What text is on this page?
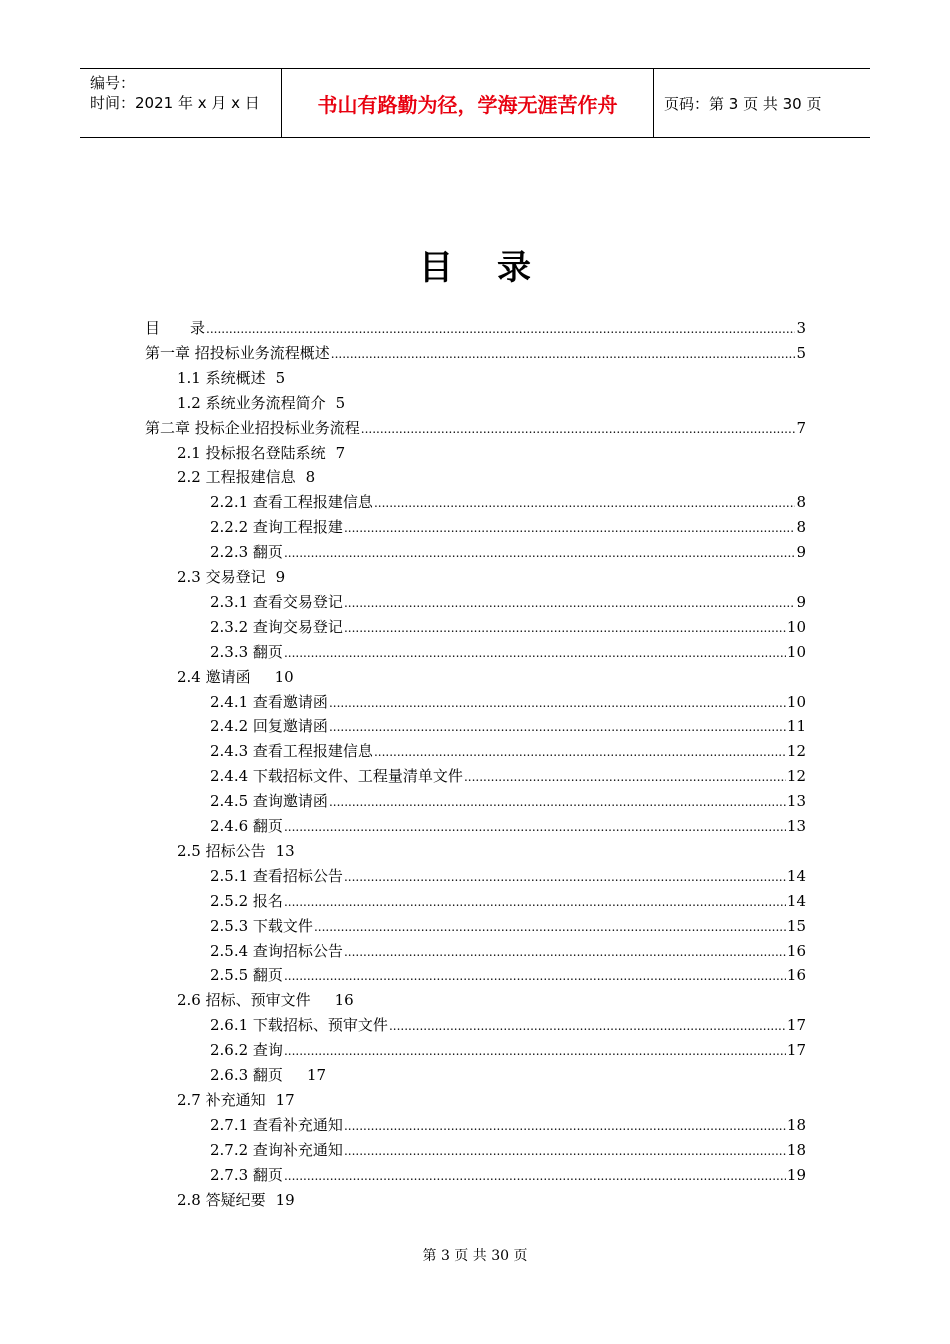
编号：
时间：2021 年 x 月 x 日	书山有路勤为径，学海无涯苦作舟	页码：第 3 页 共 30 页
目录
目　　录 .....	3
第一章 招投标业务流程概述 .....	5
1.1 系统概述 5
1.2 系统业务流程简介 5
第二章 投标企业招投标业务流程 .....	7
2.1 投标报名登陆系统 7
2.2 工程报建信息 8
2.2.1 查看工程报建信息 .....	8
2.2.2 查询工程报建 .....	8
2.2.3 翻页 .....	9
2.3 交易登记 9
2.3.1 查看交易登记 .....	9
2.3.2 查询交易登记 .....	10
2.3.3 翻页 .....	10
2.4 邀请函 10
2.4.1 查看邀请函 .....	10
2.4.2 回复邀请函 .....	11
2.4.3 查看工程报建信息 .....	12
2.4.4 下载招标文件、工程量清单文件 .....	12
2.4.5 查询邀请函 .....	13
2.4.6 翻页 .....	13
2.5 招标公告 13
2.5.1 查看招标公告 .....	14
2.5.2 报名 .....	14
2.5.3 下载文件 .....	15
2.5.4 查询招标公告 .....	16
2.5.5 翻页 .....	16
2.6 招标、预审文件 16
2.6.1 下载招标、预审文件 .....	17
2.6.2 查询 .....	17
2.6.3 翻页 17
2.7 补充通知 17
2.7.1 查看补充通知 .....	18
2.7.2 查询补充通知 .....	18
2.7.3 翻页 .....	19
2.8 答疑纪要 19
第 3 页 共 30 页
